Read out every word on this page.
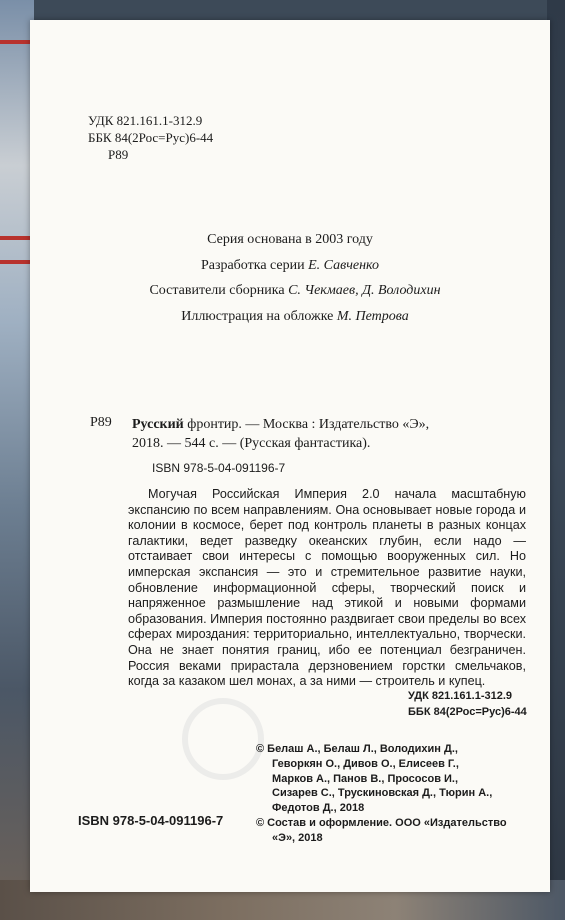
УДК 821.161.1-312.9
ББК 84(2Рос=Рус)6-44
Р89
Серия основана в 2003 году
Разработка серии Е. Савченко
Составители сборника С. Чекмаев, Д. Володихин
Иллюстрация на обложке М. Петрова
Р89 Русский фронтир. — Москва : Издательство «Э»,
2018. — 544 с. — (Русская фантастика).
ISBN 978-5-04-091196-7
Могучая Российская Империя 2.0 начала масштабную экспансию по всем направлениям. Она основывает новые города и колонии в космосе, берет под контроль планеты в разных концах галактики, ведет разведку океанских глубин, если надо — отстаивает свои интересы с помощью вооруженных сил. Но имперская экспансия — это и стремительное развитие науки, обновление информационной сферы, творческий поиск и напряженное размышление над этикой и новыми формами образования. Империя постоянно раздвигает свои пределы во всех сферах мироздания: территориально, интеллектуально, творчески. Она не знает понятия границ, ибо ее потенциал безграничен. Россия веками прирастала дерзновением горстки смельчаков, когда за казаком шел монах, а за ними — строитель и купец.
УДК 821.161.1-312.9
ББК 84(2Рос=Рус)6-44
© Белаш А., Белаш Л., Володихин Д.,
Геворкян О., Дивов О., Елисеев Г.,
Марков А., Панов В., Прососов И.,
Сизарев С., Трускиновская Д., Тюрин А.,
Федотов Д., 2018
© Состав и оформление. ООО «Издательство
«Э», 2018
ISBN 978-5-04-091196-7
